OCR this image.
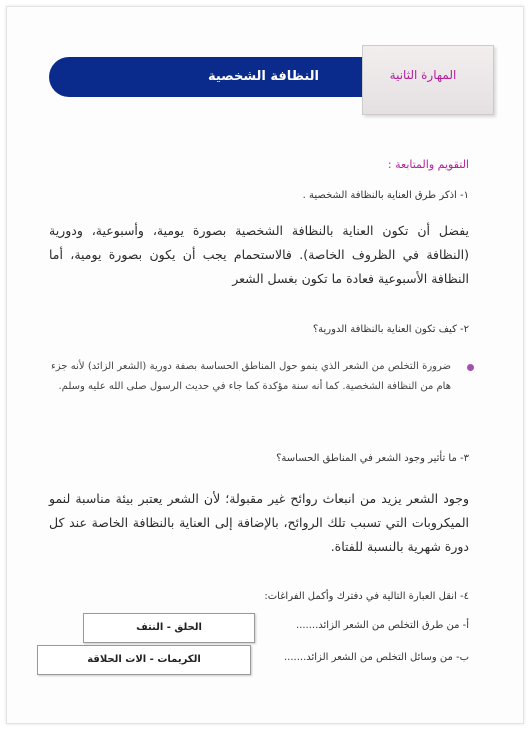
النظافة الشخصية	المهارة الثانية
التقويم والمتابعة :
١- اذكر طرق العناية بالنظافة الشخصية .
يفضل أن تكون العناية بالنظافة الشخصية بصورة يومية، وأسبوعية، ودورية (النظافة في الظروف الخاصة). فالاستحمام يجب أن يكون بصورة يومية، أما النظافة الأسبوعية فعادة ما تكون بغسل الشعر
٢- كيف تكون العناية بالنظافة الدورية؟
ضرورة التخلص من الشعر الذي ينمو حول المناطق الحساسة بصفة دورية (الشعر الزائد) لأنه جزء هام من النظافة الشخصية. كما أنه سنة مؤكدة كما جاء في حديث الرسول صلى الله عليه وسلم.
٣- ما تأثير وجود الشعر في المناطق الحساسة؟
وجود الشعر يزيد من انبعاث روائح غير مقبولة؛ لأن الشعر يعتبر بيئة مناسبة لنمو الميكروبات التي تسبب تلك الروائح، بالإضافة إلى العناية بالنظافة الخاصة عند كل دورة شهرية بالنسبة للفتاة.
٤- انقل العبارة التالية في دفترك وأكمل الفراغات:
أ- من طرق التخلص من الشعر الزائد.......
الحلق - النتف
ب- من وسائل التخلص من الشعر الزائد.......
الكريمات - الات الحلاقة
